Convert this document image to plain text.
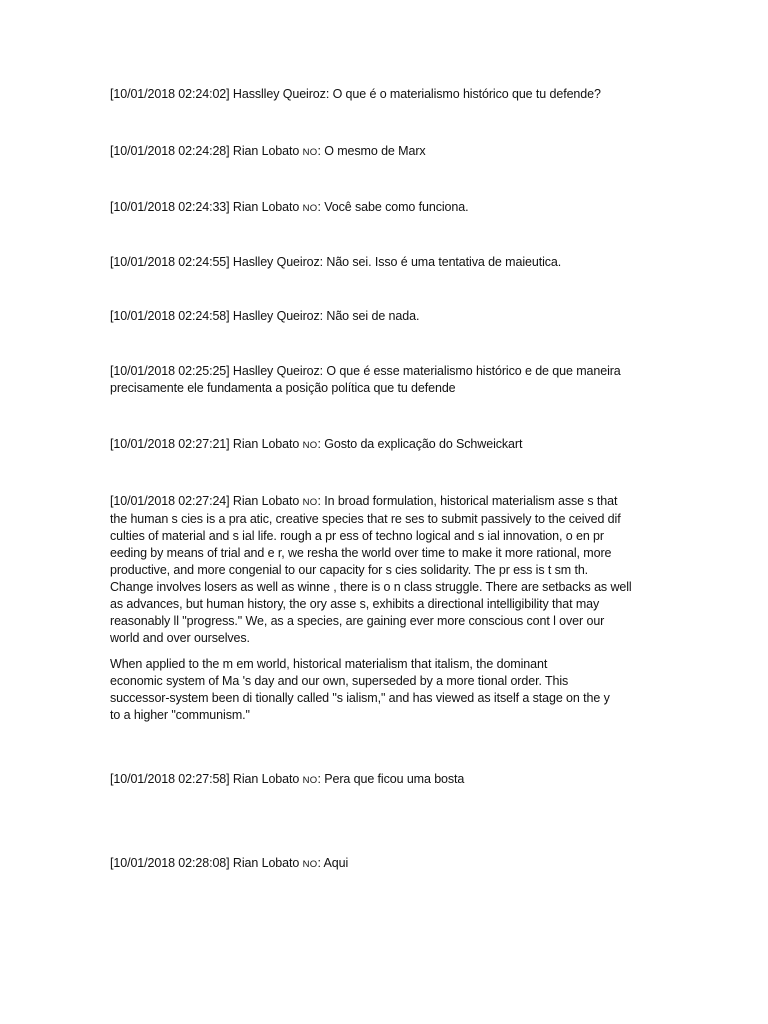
[10/01/2018 02:24:02] Hasslley Queiroz: O que é o materialismo histórico que tu defende?
[10/01/2018 02:24:28] Rian Lobato NO: O mesmo de Marx
[10/01/2018 02:24:33] Rian Lobato NO: Você sabe como funciona.
[10/01/2018 02:24:55] Haslley Queiroz: Não sei. Isso é uma tentativa de maieutica.
[10/01/2018 02:24:58] Haslley Queiroz: Não sei de nada.
[10/01/2018 02:25:25] Haslley Queiroz: O que é esse materialismo histórico e de que maneira
precisamente ele fundamenta a posição política que tu defende
[10/01/2018 02:27:21] Rian Lobato NO: Gosto da explicação do Schweickart
[10/01/2018 02:27:24] Rian Lobato NO: In broad formulation, historical materialism asse s that
the human s cies is a pra atic, creative species that re ses to submit passively to the ceived dif
culties of material and s ial life. rough a pr ess of techno logical and s ial innovation, o en pr
eeding by means of trial and e r, we resha the world over time to make it more rational, more
productive, and more congenial to our capacity for s cies solidarity. The pr ess is t sm th.
Change involves losers as well as winne , there is o n class struggle. There are setbacks as well
as advances, but human history, the ory asse s, exhibits a directional intelligibility that may
reasonably ll "progress." We, as a species, are gaining ever more conscious cont l over our
world and over ourselves.
When applied to the m em world, historical materialism that italism, the dominant
economic system of Ma 's day and our own, superseded by a more tional order. This
successor-system been di tionally called "s ialism," and has viewed as itself a stage on the y
to a higher "communism."
[10/01/2018 02:27:58] Rian Lobato NO: Pera que ficou uma bosta
[10/01/2018 02:28:08] Rian Lobato NO: Aqui
